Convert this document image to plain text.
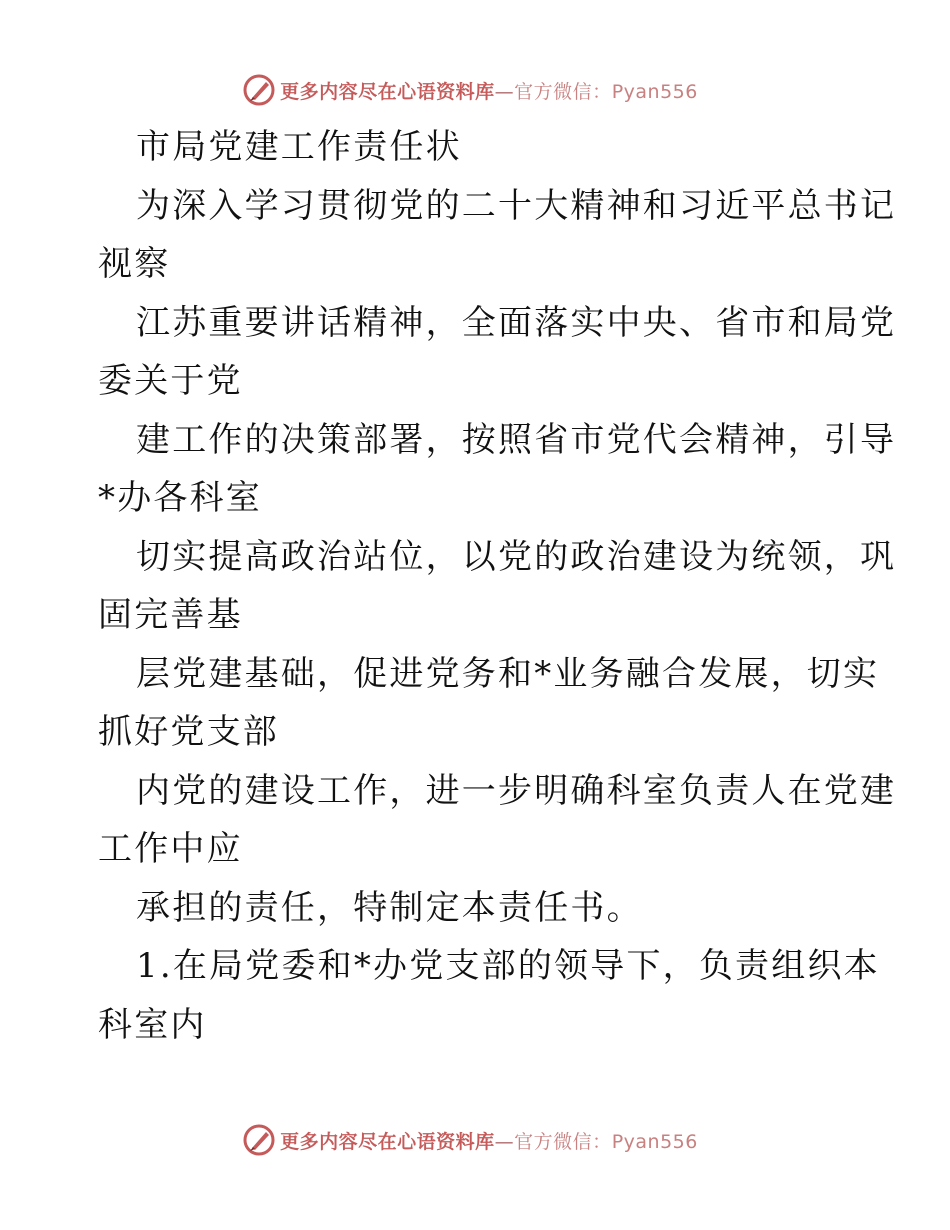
更多内容尽在心语资料库—官方微信：Pyan556
市局党建工作责任状
为深入学习贯彻党的二十大精神和习近平总书记
视察
江苏重要讲话精神，全面落实中央、省市和局党
委关于党
建工作的决策部署，按照省市党代会精神，引导
*办各科室
切实提高政治站位，以党的政治建设为统领，巩
固完善基
层党建基础，促进党务和*业务融合发展，切实
抓好党支部
内党的建设工作，进一步明确科室负责人在党建
工作中应
承担的责任，特制定本责任书。
1.在局党委和*办党支部的领导下，负责组织本
科室内
更多内容尽在心语资料库—官方微信：Pyan556
